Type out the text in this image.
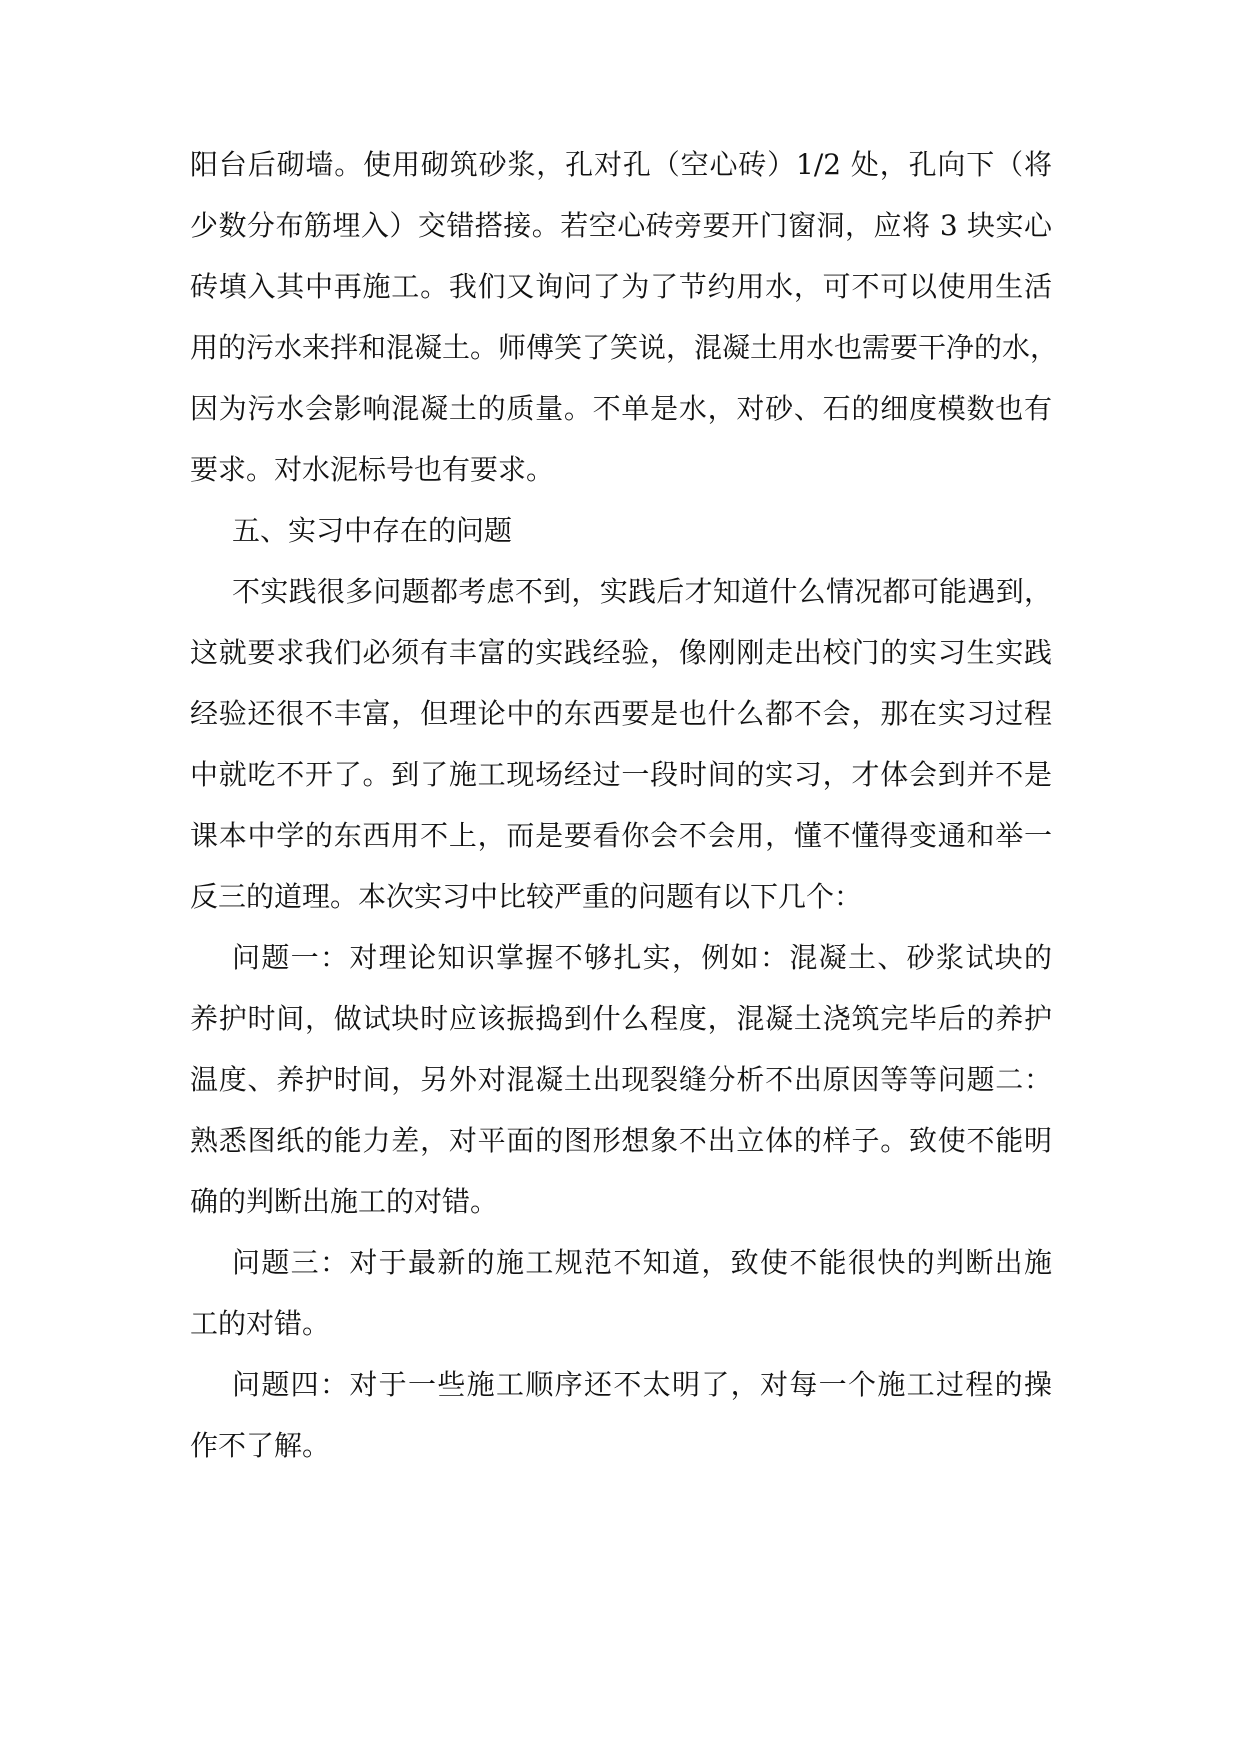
阳台后砌墙。使用砌筑砂浆，孔对孔（空心砖）1/2 处，孔向下（将
少数分布筋埋入）交错搭接。若空心砖旁要开门窗洞，应将 3 块实心
砖填入其中再施工。我们又询问了为了节约用水，可不可以使用生活
用的污水来拌和混凝土。师傅笑了笑说，混凝土用水也需要干净的水，
因为污水会影响混凝土的质量。不单是水，对砂、石的细度模数也有
要求。对水泥标号也有要求。
五、实习中存在的问题
不实践很多问题都考虑不到，实践后才知道什么情况都可能遇到，
这就要求我们必须有丰富的实践经验，像刚刚走出校门的实习生实践
经验还很不丰富，但理论中的东西要是也什么都不会，那在实习过程
中就吃不开了。到了施工现场经过一段时间的实习，才体会到并不是
课本中学的东西用不上，而是要看你会不会用，懂不懂得变通和举一
反三的道理。本次实习中比较严重的问题有以下几个：
问题一：对理论知识掌握不够扎实，例如：混凝土、砂浆试块的
养护时间，做试块时应该振捣到什么程度，混凝土浇筑完毕后的养护
温度、养护时间，另外对混凝土出现裂缝分析不出原因等等问题二：
熟悉图纸的能力差，对平面的图形想象不出立体的样子。致使不能明
确的判断出施工的对错。
问题三：对于最新的施工规范不知道，致使不能很快的判断出施
工的对错。
问题四：对于一些施工顺序还不太明了，对每一个施工过程的操
作不了解。
